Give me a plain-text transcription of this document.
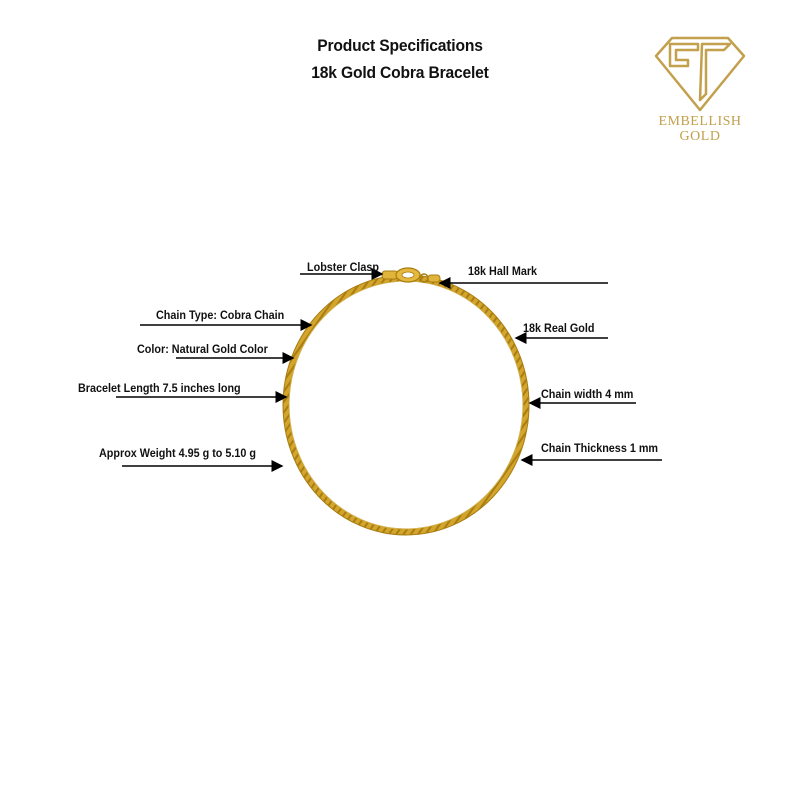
Product Specifications
18k Gold Cobra Bracelet
EMBELLISH
GOLD
Lobster Clasp	18k Hall Mark
Chain Type: Cobra Chain
18k Real Gold
Color: Natural Gold Color
Chain width 4 mm
Bracelet Length 7.5 inches long
Chain Thickness 1 mm
Approx Weight 4.95 g to 5.10 g
